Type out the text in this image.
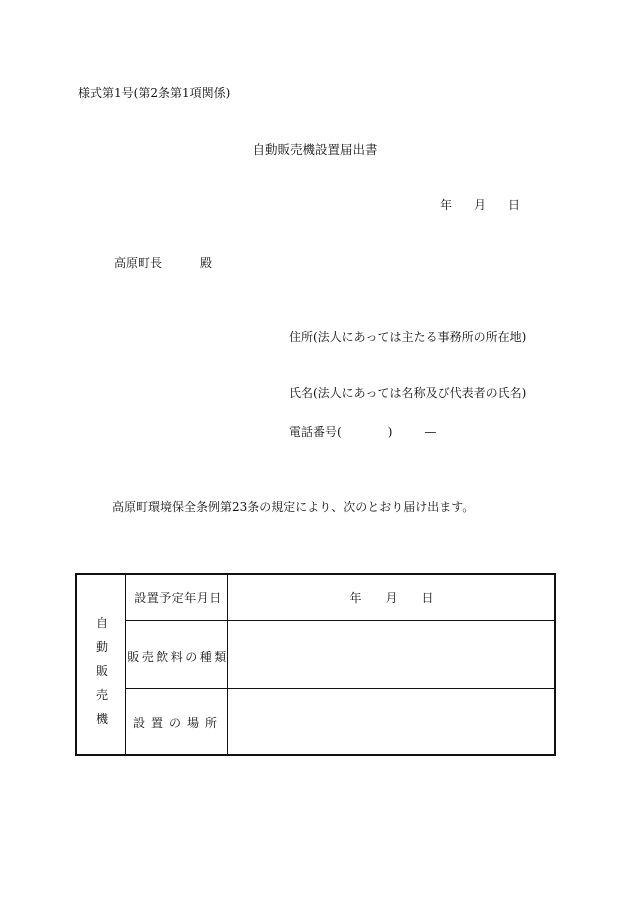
様式第1号(第2条第1項関係)
自動販売機設置届出書
年 月 日
高原町長	殿
住所(法人にあっては主たる事務所の所在地)
氏名(法人にあっては名称及び代表者の氏名)
電話番号(	)	—
高原町環境保全条例第23条の規定により、次のとおり届け出ます。
自
動
販
売
機
設置予定年月日	年 月 日
販売飲料の種類
設置の場所
